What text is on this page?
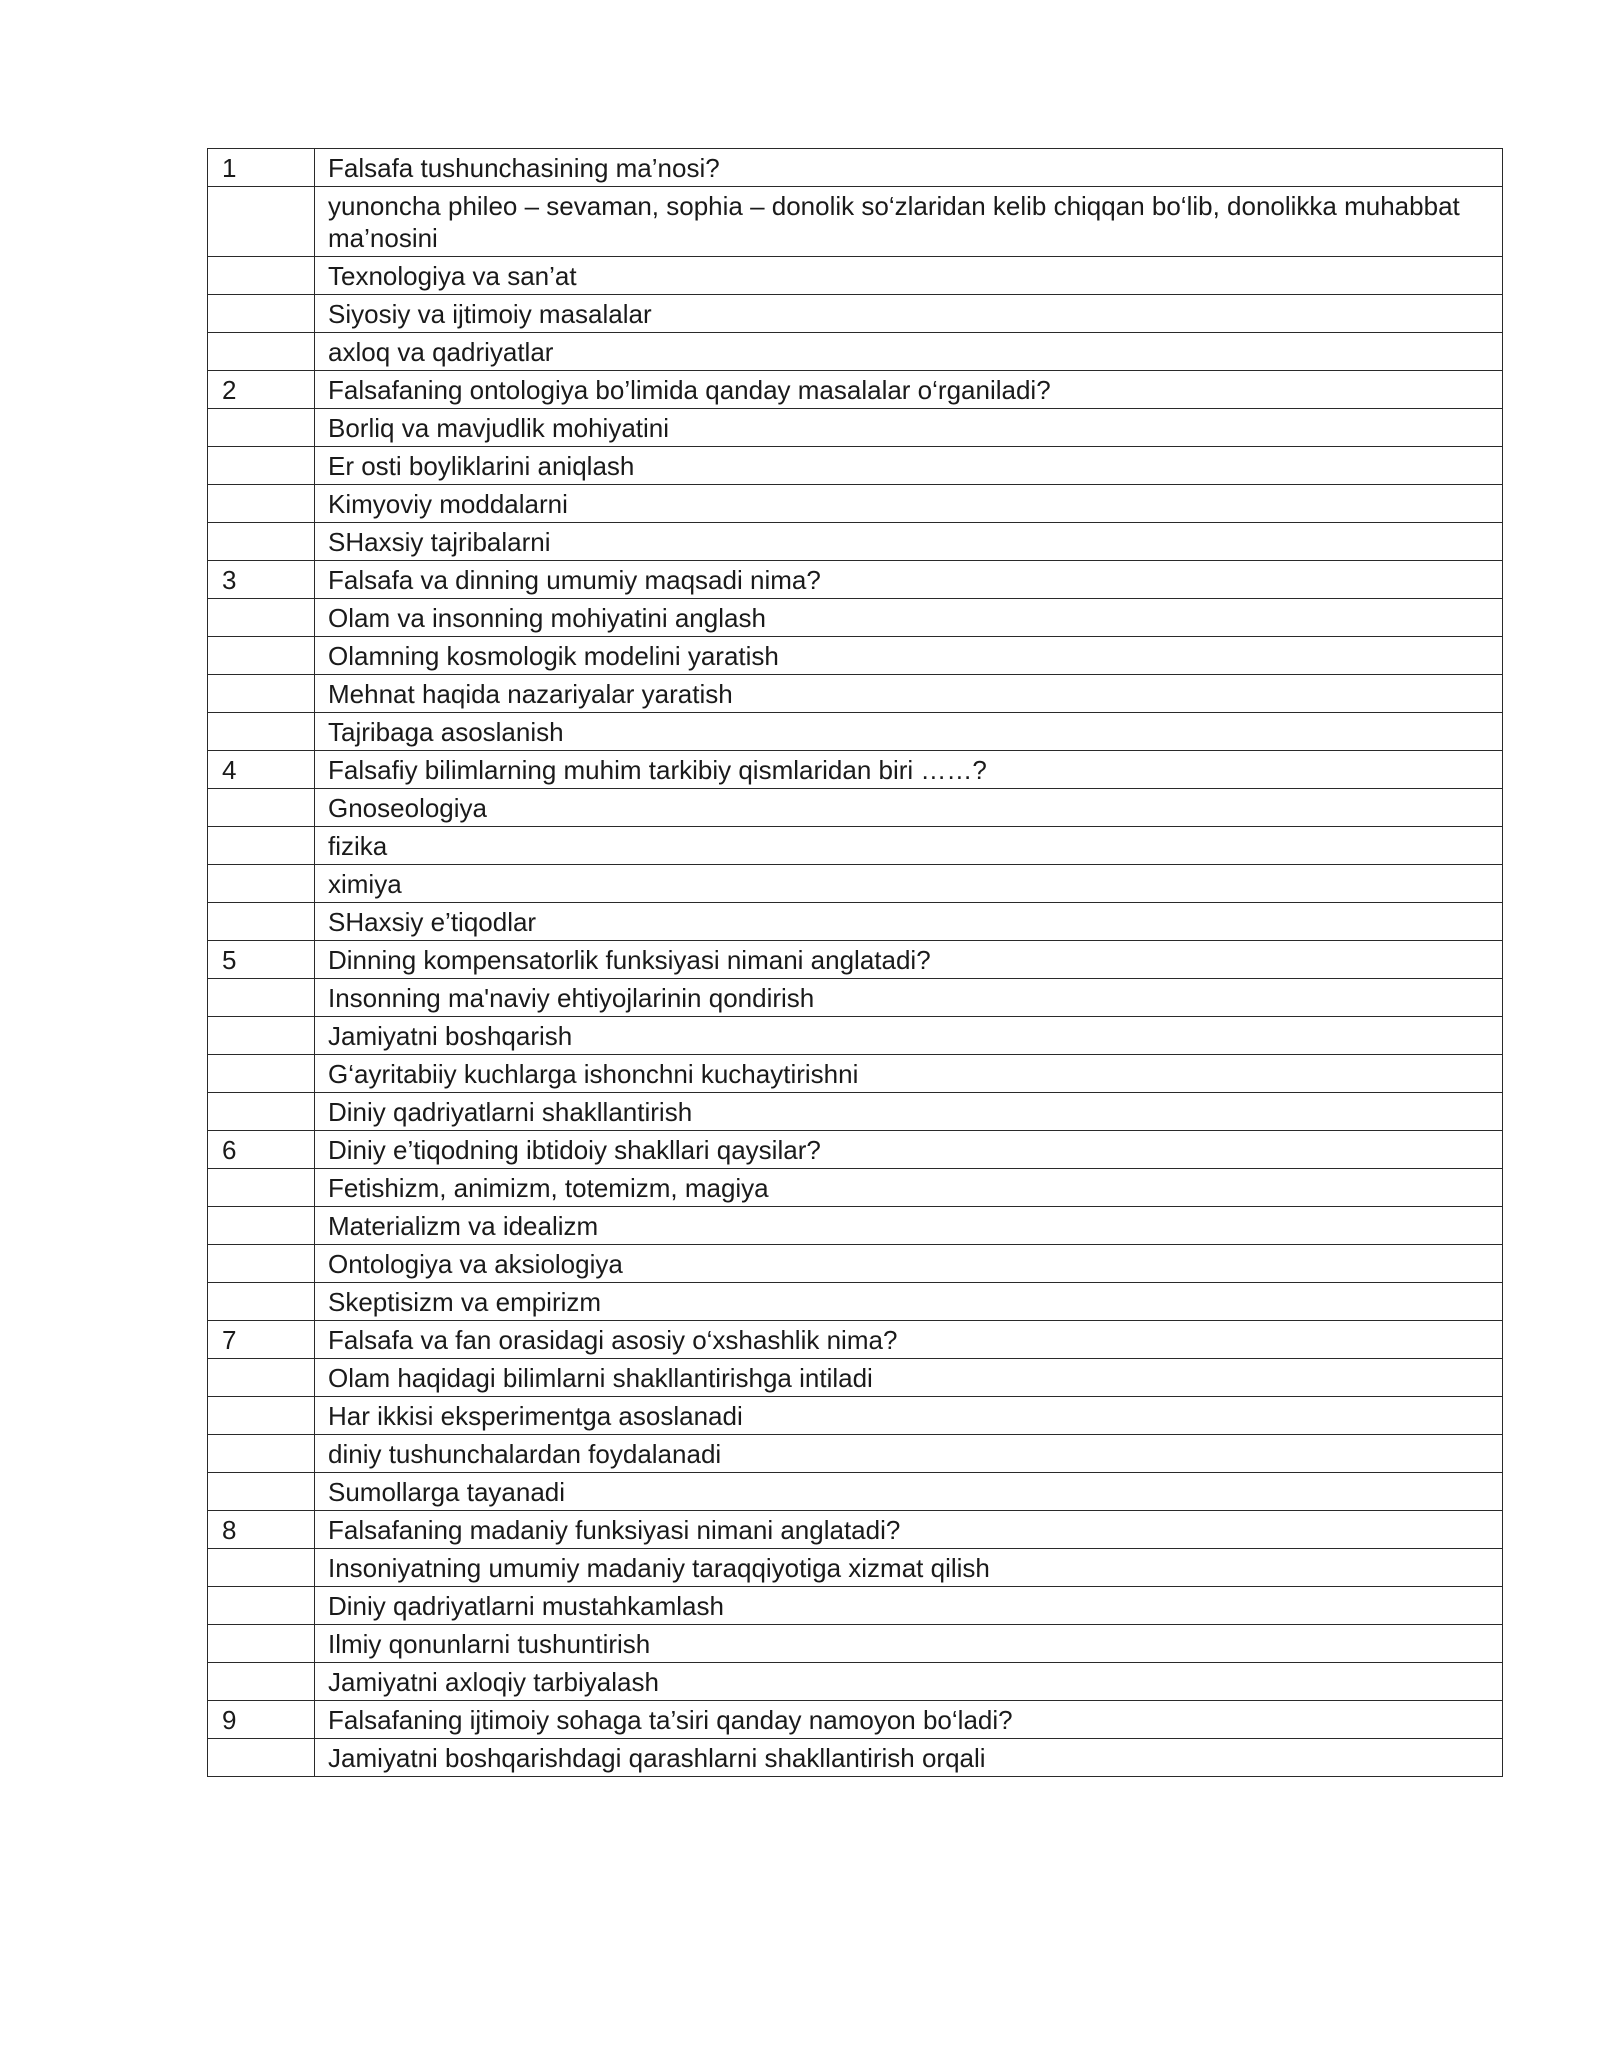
1	Falsafa tushunchasining ma’nosi?
	yunoncha phileo – sevaman, sophia – donolik so‘zlaridan kelib chiqqan bo‘lib, donolikka muhabbat ma’nosini
	Texnologiya va san’at
	Siyosiy va ijtimoiy masalalar
	axloq va qadriyatlar
2	Falsafaning ontologiya bo’limida qanday masalalar o‘rganiladi?
	Borliq va mavjudlik mohiyatini
	Er osti boyliklarini aniqlash
	Kimyoviy moddalarni
	SHaxsiy tajribalarni
3	Falsafa va dinning umumiy maqsadi nima?
	Olam va insonning mohiyatini anglash
	Olamning kosmologik modelini yaratish
	Mehnat haqida nazariyalar yaratish
	Tajribaga asoslanish
4	Falsafiy bilimlarning muhim tarkibiy qismlaridan biri ……?
	Gnoseologiya
	fizika
	ximiya
	SHaxsiy e’tiqodlar
5	Dinning kompensatorlik funksiyasi nimani anglatadi?
	Insonning ma'naviy ehtiyojlarinin qondirish
	Jamiyatni boshqarish
	G‘ayritabiiy kuchlarga ishonchni kuchaytirishni
	Diniy qadriyatlarni shakllantirish
6	Diniy e’tiqodning ibtidoiy shakllari qaysilar?
	Fetishizm, animizm, totemizm, magiya
	Materializm va idealizm
	Ontologiya va aksiologiya
	Skeptisizm va empirizm
7	Falsafa va fan orasidagi asosiy o‘xshashlik nima?
	Olam haqidagi bilimlarni shakllantirishga intiladi
	Har ikkisi eksperimentga asoslanadi
	diniy tushunchalardan foydalanadi
	Sumollarga tayanadi
8	Falsafaning madaniy funksiyasi nimani anglatadi?
	Insoniyatning umumiy madaniy taraqqiyotiga xizmat qilish
	Diniy qadriyatlarni mustahkamlash
	Ilmiy qonunlarni tushuntirish
	Jamiyatni axloqiy tarbiyalash
9	Falsafaning ijtimoiy sohaga ta’siri qanday namoyon bo‘ladi?
	Jamiyatni boshqarishdagi qarashlarni shakllantirish orqali
